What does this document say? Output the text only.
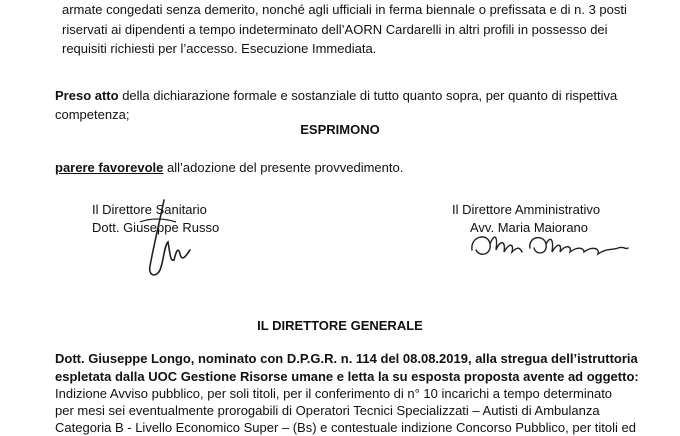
armate congedati senza demerito, nonché agli ufficiali in ferma biennale o prefissata e di n. 3 posti
riservati ai dipendenti a tempo indeterminato dell’AORN Cardarelli in altri profili in possesso dei
requisiti richiesti per l’accesso. Esecuzione Immediata.
Preso atto della dichiarazione formale e sostanziale di tutto quanto sopra, per quanto di rispettiva
competenza;
ESPRIMONO
parere favorevole all’adozione del presente provvedimento.
Il Direttore Sanitario
Dott. Giuseppe Russo
Il Direttore Amministrativo
Avv. Maria Maiorano
IL DIRETTORE GENERALE
Dott. Giuseppe Longo, nominato con D.P.G.R. n. 114 del 08.08.2019, alla stregua dell’istruttoria
espletata dalla UOC Gestione Risorse umane e letta la su esposta proposta avente ad oggetto:
Indizione Avviso pubblico, per soli titoli, per il conferimento di n° 10 incarichi a tempo determinato
per mesi sei eventualmente prorogabili di Operatori Tecnici Specializzati – Autisti di Ambulanza
Categoria B - Livello Economico Super – (Bs) e contestuale indizione Concorso Pubblico, per titoli ed
